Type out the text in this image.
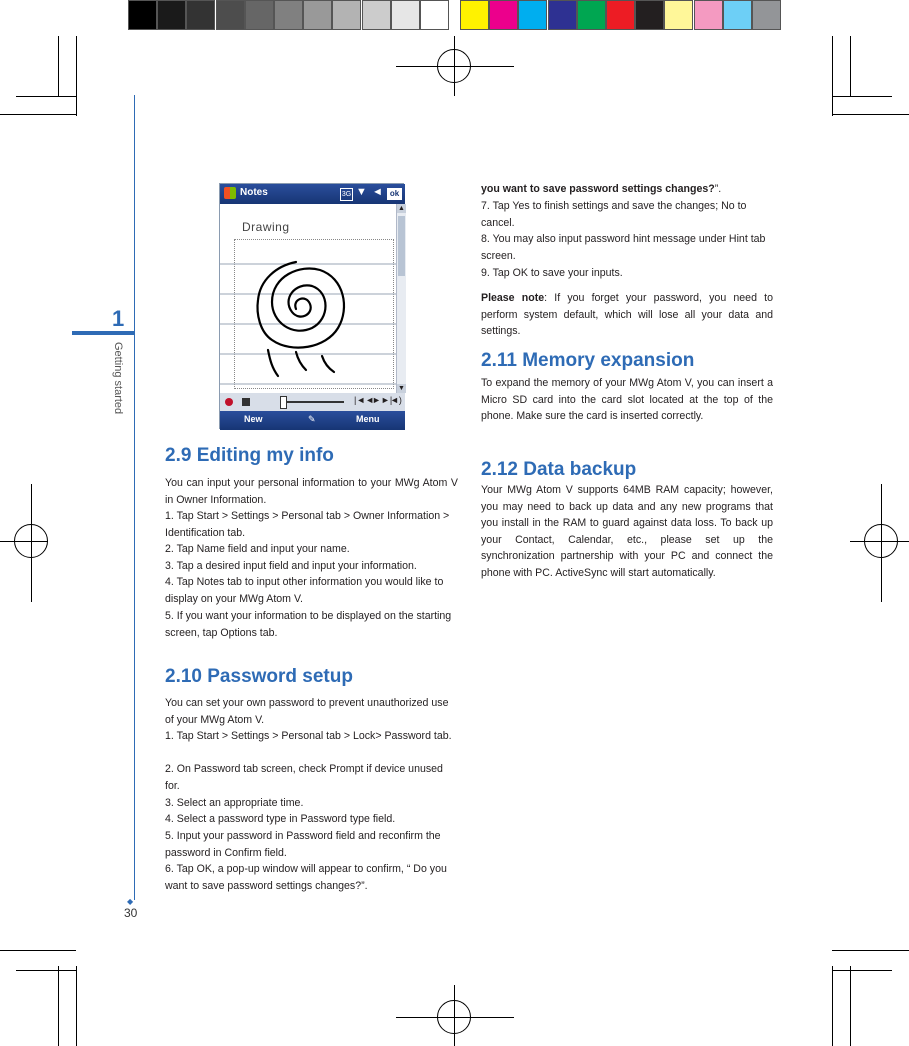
1
Getting started
◆
30
Notes	3G ▼ ◄ ok
Drawing
▲
▼
|◄◄
►►|
◄)
New	✎	Menu
2.9 Editing my info
You can input your personal information to your MWg Atom V in Owner Information.
1. Tap Start > Settings > Personal tab > Owner Information > Identification tab.
2. Tap Name field and input your name.
3. Tap a desired input field and input your information.
4. Tap Notes tab to input other information you would like to display on your MWg Atom V.
5. If you want your information to be displayed on the starting screen, tap Options tab.
2.10 Password setup
You can set your own password to prevent unauthorized use of your MWg Atom V.
1. Tap Start > Settings > Personal tab > Lock> Password tab.
2. On Password tab screen, check Prompt if device unused for.
3. Select an appropriate time.
4. Select a password type in Password type field.
5. Input your password in Password field and reconfirm the password in Confirm field.
6. Tap OK, a pop-up window will appear to confirm, “ Do you want to save password settings changes?”.
you want to save password settings changes?”.
7. Tap Yes to finish settings and save the changes; No to cancel.
8. You may also input password hint message under Hint tab screen.
9. Tap OK to save your inputs.
Please note: If you forget your password, you need to perform system default, which will lose all your data and settings.
2.11 Memory expansion
To expand the memory of your MWg Atom V, you can insert a Micro SD card into the card slot located at the top of the phone. Make sure the card is inserted correctly.
2.12 Data backup
Your MWg Atom V supports 64MB RAM capacity; however, you may need to back up data and any new programs that you install in the RAM to guard against data loss. To back up your Contact, Calendar, etc., please set up the synchronization partnership with your PC and connect the phone with PC. ActiveSync will start automatically.
